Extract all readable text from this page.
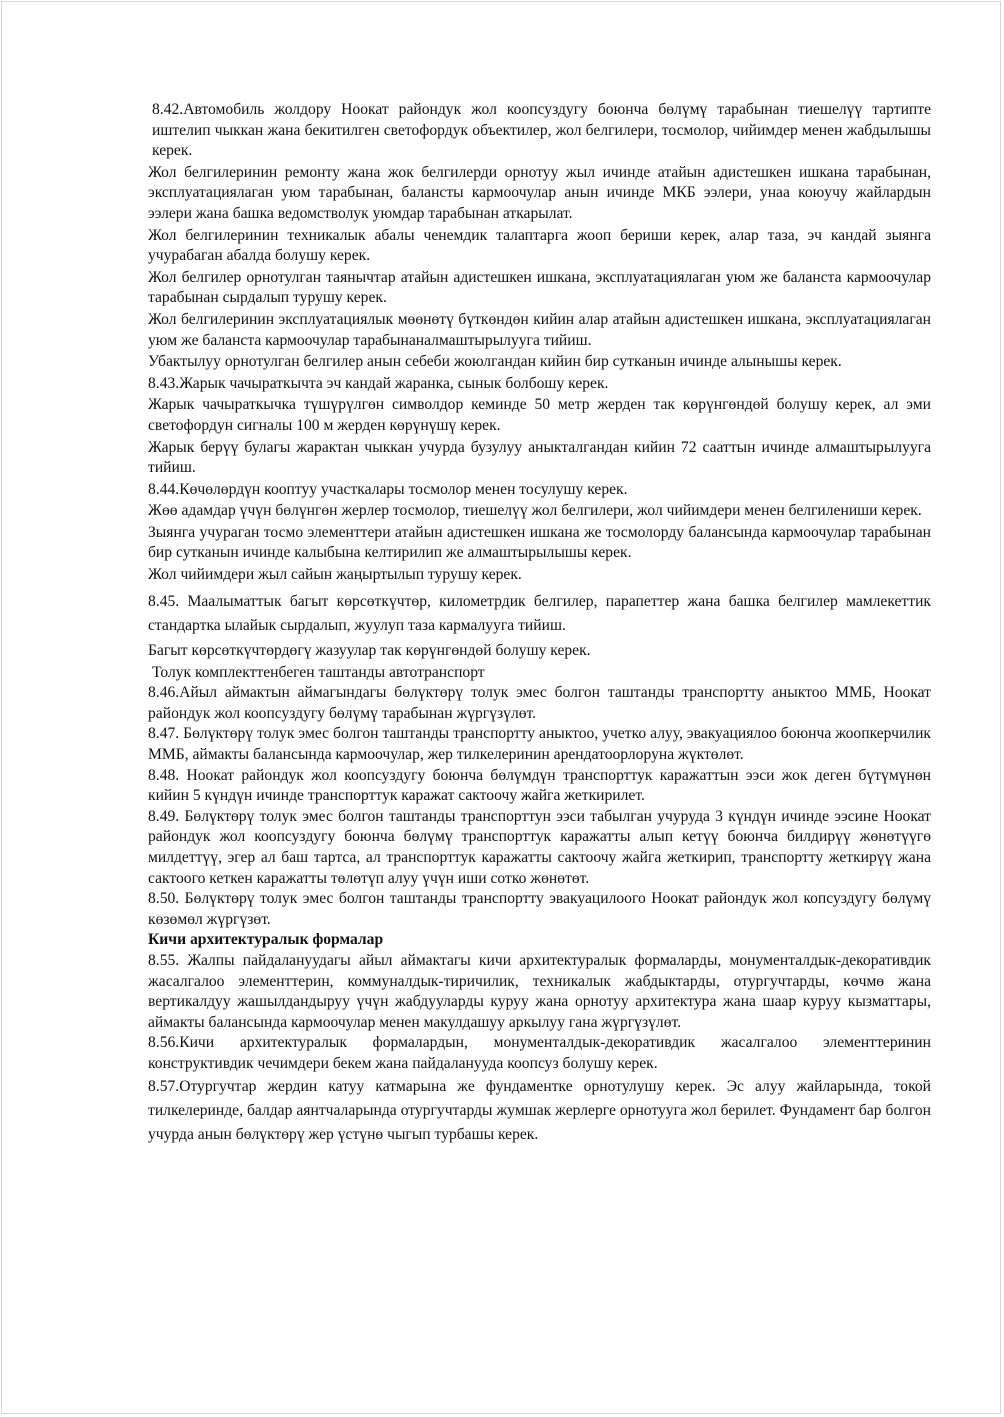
8.42.Автомобиль жолдору Ноокат райондук жол коопсуздугу боюнча бөлүмү тарабынан тиешелүү тартипте иштелип чыккан жана бекитилген светофордук объектилер, жол белгилери, тосмолор, чийимдер менен жабдылышы керек.

Жол белгилеринин ремонту жана жок белгилерди орнотуу жыл ичинде атайын адистешкен ишкана тарабынан, эксплуатациялаган уюм тарабынан, балансты кармоочулар анын ичинде МКБ ээлери, унаа коюучу жайлардын ээлери жана башка ведомстволук уюмдар тарабынан аткарылат.

Жол белгилеринин техникалык абалы ченемдик талаптарга жооп бериши керек, алар таза, эч кандай зыянга учурабаган абалда болушу керек.

Жол белгилер орнотулган таянычтар атайын адистешкен ишкана, эксплуатациялаган уюм же баланста кармоочулар тарабынан сырдалып турушу керек.

Жол белгилеринин эксплуатациялык мөөнөтү бүткөндөн кийин алар атайын адистешкен ишкана, эксплуатациялаган уюм же баланста кармоочулар тарабынаналмаштырылууга тийиш.

Убактылуу орнотулган белгилер анын себеби жоюлгандан кийин бир сутканын ичинде алынышы керек.

8.43.Жарык чачыраткычта эч кандай жаранка, сынык болбошу керек.

Жарык чачыраткычка түшүрүлгөн символдор кеминде 50 метр жерден так көрүнгөндөй болушу керек, ал эми светофордун сигналы 100 м жерден көрүнүшү керек.

Жарык берүү булагы жарактан чыккан учурда бузулуу аныкталгандан кийин 72 сааттын ичинде алмаштырылууга тийиш.

8.44.Көчөлөрдүн кооптуу участкалары тосмолор менен тосулушу керек.

Жөө адамдар үчүн бөлүнгөн жерлер тосмолор, тиешелүү жол белгилери, жол чийимдери менен белгилениши керек.

Зыянга учураган тосмо элементтери атайын адистешкен ишкана же тосмолорду балансында кармоочулар тарабынан бир сутканын ичинде калыбына келтирилип же алмаштырылышы керек.

Жол чийимдери жыл сайын жаңыртылып турушу керек.

8.45. Маалыматтык багыт көрсөткүчтөр, километрдик белгилер, парапеттер жана башка белгилер мамлекеттик стандартка ылайык сырдалып, жуулуп таза кармалууга тийиш.

Багыт көрсөткүчтөрдөгү жазуулар так көрүнгөндөй болушу керек.

Толук комплекттенбеген таштанды автотранспорт

8.46.Айыл аймактын аймагындагы бөлүктөрү толук эмес болгон таштанды транспортту аныктоо ММБ, Ноокат райондук жол коопсуздугу бөлүмү тарабынан жүргүзүлөт.

8.47. Бөлүктөрү толук эмес болгон таштанды транспортту аныктоо, учетко алуу, эвакуациялоо боюнча жоопкерчилик ММБ, аймакты балансында кармоочулар, жер тилкелеринин арендатоорлоруна жүктөлөт.

8.48. Ноокат райондук жол коопсуздугу боюнча бөлүмдүн транспорттук каражаттын ээси жок деген бүтүмүнөн кийин 5 күндүн ичинде транспорттук каражат сактоочу жайга жеткирилет.

8.49. Бөлүктөрү толук эмес болгон таштанды транспорттун ээси табылган учуруда 3 күндүн ичинде ээсине Ноокат райондук жол коопсуздугу боюнча бөлүмү транспорттук каражатты алып кетүү боюнча билдирүү жөнөтүүгө милдеттүү, эгер ал баш тартса, ал транспорттук каражатты сактоочу жайга жеткирип, транспортту жеткирүү жана сактоого кеткен каражатты төлөтүп алуу үчүн иши сотко жөнөтөт.

8.50. Бөлүктөрү толук эмес болгон таштанды транспортту эвакуацилоого Ноокат райондук жол копсуздугу бөлүмү көзөмөл жүргүзөт.

Кичи архитектуралык формалар

8.55. Жалпы пайдалануудагы айыл аймактагы кичи архитектуралык формаларды, монументалдык-декоративдик жасалгалоо элементтерин, коммуналдык-тиричилик, техникалык жабдыктарды, отургучтарды, көчмө жана вертикалдуу жашылдандыруу үчүн жабдууларды куруу жана орнотуу архитектура жана шаар куруу кызматтары, аймакты балансында кармоочулар менен макулдашуу аркылуу гана жүргүзүлөт.

8.56.Кичи архитектуралык формалардын, монументалдык-декоративдик жасалгалоо элементтеринин конструктивдик чечимдери бекем жана пайдаланууда коопсуз болушу керек.

8.57.Отургучтар жердин катуу катмарына же фундаментке орнотулушу керек. Эс алуу жайларында, токой тилкелеринде, балдар аянтчаларында отургучтарды жумшак жерлерге орнотууга жол берилет. Фундамент бар болгон учурда анын бөлүктөрү жер үстүнө чыгып турбашы керек.
